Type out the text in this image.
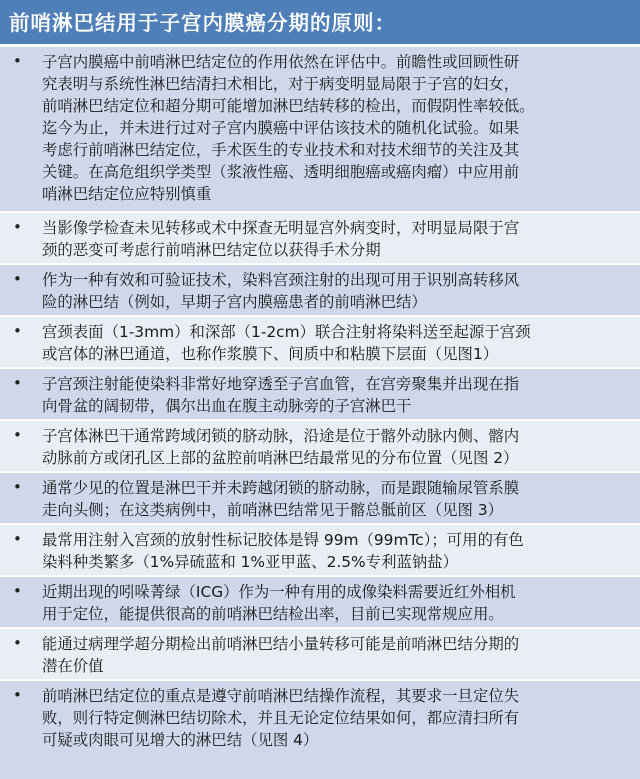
前哨淋巴结用于子宫内膜癌分期的原则：
• 子宫内膜癌中前哨淋巴结定位的作用依然在评估中。前瞻性或回顾性研
究表明与系统性淋巴结清扫术相比，对于病变明显局限于子宫的妇女，
前哨淋巴结定位和超分期可能增加淋巴结转移的检出，而假阴性率较低。
迄今为止，并未进行过对子宫内膜癌中评估该技术的随机化试验。如果
考虑行前哨淋巴结定位，手术医生的专业技术和对技术细节的关注及其
关键。在高危组织学类型（浆液性癌、透明细胞癌或癌肉瘤）中应用前
哨淋巴结定位应特别慎重
• 当影像学检查未见转移或术中探查无明显宫外病变时，对明显局限于宫
颈的恶变可考虑行前哨淋巴结定位以获得手术分期
• 作为一种有效和可验证技术，染料宫颈注射的出现可用于识别高转移风
险的淋巴结（例如，早期子宫内膜癌患者的前哨淋巴结）
• 宫颈表面（1-3mm）和深部（1-2cm）联合注射将染料送至起源于宫颈
或宫体的淋巴通道，也称作浆膜下、间质中和粘膜下层面（见图1）
• 子宫颈注射能使染料非常好地穿透至子宫血管，在宫旁聚集并出现在指
向骨盆的阔韧带，偶尔出血在腹主动脉旁的子宫淋巴干
• 子宫体淋巴干通常跨域闭锁的脐动脉，沿途是位于髂外动脉内侧、髂内
动脉前方或闭孔区上部的盆腔前哨淋巴结最常见的分布位置（见图 2）
• 通常少见的位置是淋巴干并未跨越闭锁的脐动脉，而是跟随输尿管系膜
走向头侧；在这类病例中，前哨淋巴结常见于髂总骶前区（见图 3）
• 最常用注射入宫颈的放射性标记胶体是锝 99m（99mTc）；可用的有色
染料种类繁多（1%异硫蓝和 1%亚甲蓝、2.5%专利蓝钠盐）
• 近期出现的吲哚菁绿（ICG）作为一种有用的成像染料需要近红外相机
用于定位，能提供很高的前哨淋巴结检出率，目前已实现常规应用。
• 能通过病理学超分期检出前哨淋巴结小量转移可能是前哨淋巴结分期的
潜在价值
• 前哨淋巴结定位的重点是遵守前哨淋巴结操作流程，其要求一旦定位失
败，则行特定侧淋巴结切除术，并且无论定位结果如何，都应清扫所有
可疑或肉眼可见增大的淋巴结（见图 4）
